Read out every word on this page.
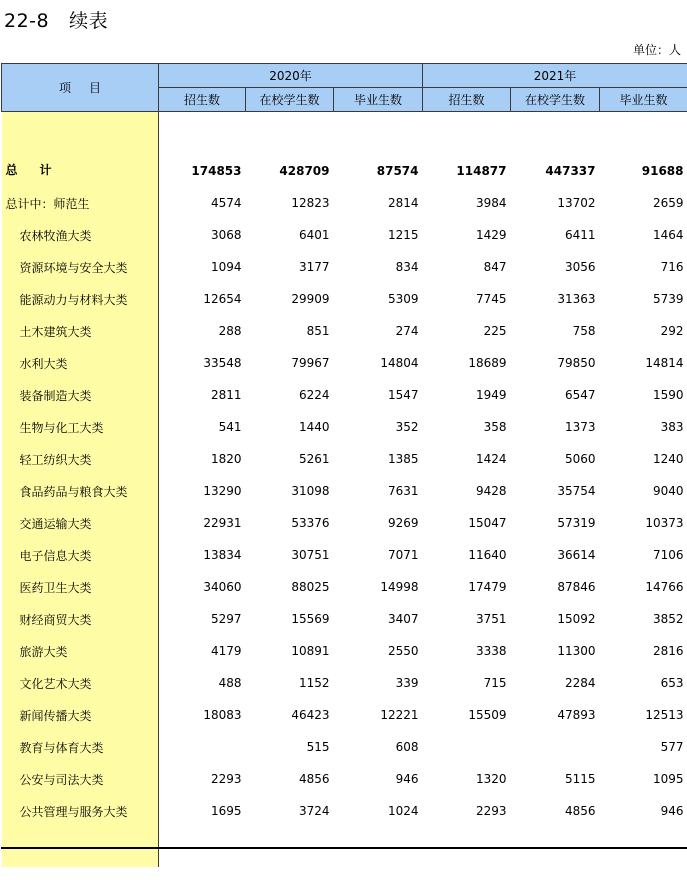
22-8 续表
单位：人
项目	2020年			2021年		
	招生数	在校学生数	毕业生数	招生数	在校学生数	毕业生数
总计	174853	428709	87574	114877	447337	91688
总计中：师范生	4574	12823	2814	3984	13702	2659
农林牧渔大类	3068	6401	1215	1429	6411	1464
资源环境与安全大类	1094	3177	834	847	3056	716
能源动力与材料大类	12654	29909	5309	7745	31363	5739
土木建筑大类	288	851	274	225	758	292
水利大类	33548	79967	14804	18689	79850	14814
装备制造大类	2811	6224	1547	1949	6547	1590
生物与化工大类	541	1440	352	358	1373	383
轻工纺织大类	1820	5261	1385	1424	5060	1240
食品药品与粮食大类	13290	31098	7631	9428	35754	9040
交通运输大类	22931	53376	9269	15047	57319	10373
电子信息大类	13834	30751	7071	11640	36614	7106
医药卫生大类	34060	88025	14998	17479	87846	14766
财经商贸大类	5297	15569	3407	3751	15092	3852
旅游大类	4179	10891	2550	3338	11300	2816
文化艺术大类	488	1152	339	715	2284	653
新闻传播大类	18083	46423	12221	15509	47893	12513
教育与体育大类		515	608			577
公安与司法大类	2293	4856	946	1320	5115	1095
公共管理与服务大类	1695	3724	1024	2293	4856	946
